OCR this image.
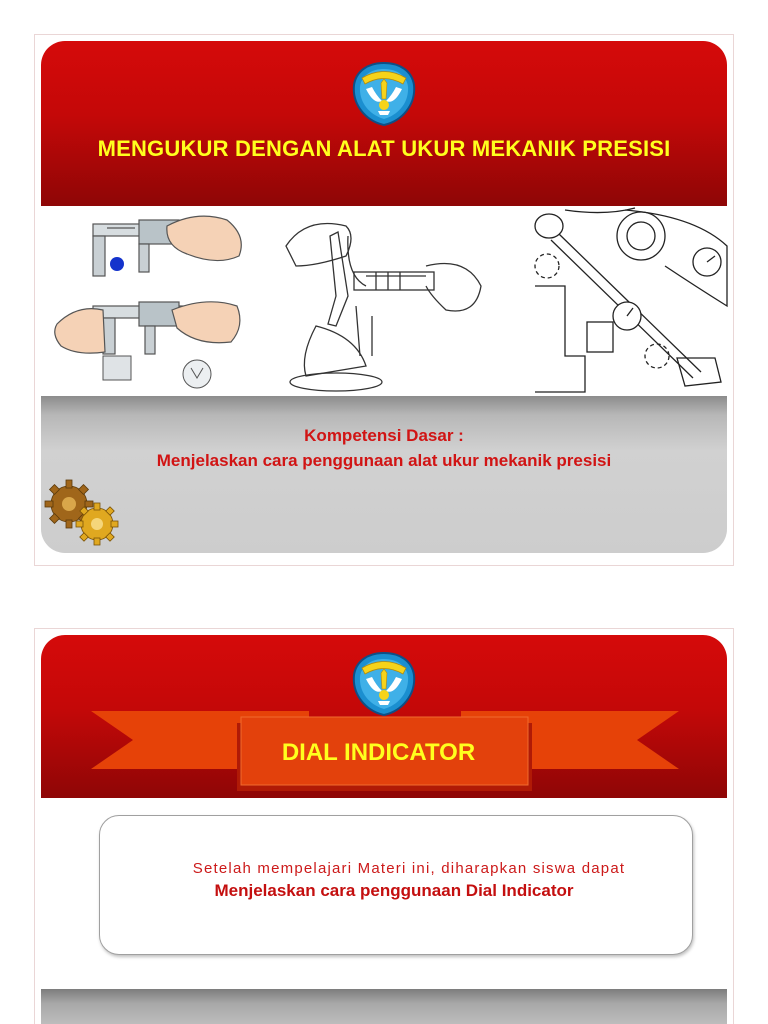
MENGUKUR DENGAN ALAT UKUR MEKANIK PRESISI
Kompetensi Dasar :
Menjelaskan cara penggunaan alat ukur mekanik presisi
DIAL INDICATOR
Setelah mempelajari Materi ini, diharapkan siswa dapat
Menjelaskan cara penggunaan Dial Indicator
